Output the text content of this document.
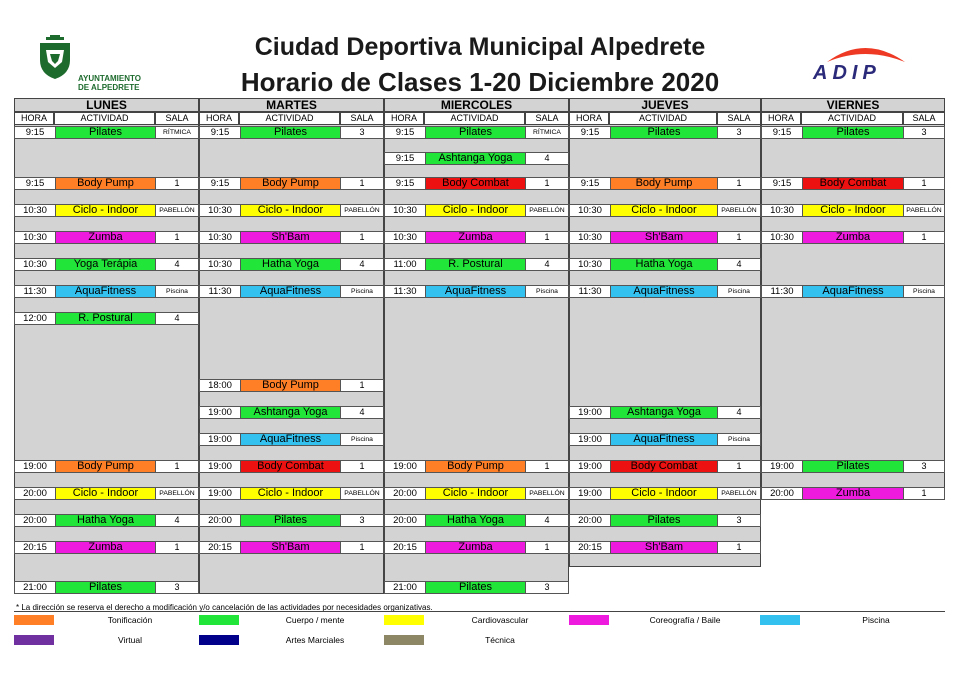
AYUNTAMIENTO
DE ALPEDRETE
Ciudad Deportiva Municipal Alpedrete
Horario de Clases 1-20 Diciembre 2020	ADIP
LUNES
HORA	ACTIVIDAD	SALA
9:15	Pilates	RÍTMICA
9:15	Body Pump	1
10:30	Ciclo - Indoor	PABELLÓN
10:30	Zumba	1
10:30	Yoga Terápia	4
11:30	AquaFitness	Piscina
12:00	R. Postural	4
19:00	Body Pump	1
20:00	Ciclo - Indoor	PABELLÓN
20:00	Hatha Yoga	4
20:15	Zumba	1
21:00	Pilates	3
MARTES
HORA	ACTIVIDAD	SALA
9:15	Pilates	3
9:15	Body Pump	1
10:30	Ciclo - Indoor	PABELLÓN
10:30	Sh'Bam	1
10:30	Hatha Yoga	4
11:30	AquaFitness	Piscina
18:00	Body Pump	1
19:00	Ashtanga Yoga	4
19:00	AquaFitness	Piscina
19:00	Body Combat	1
19:00	Ciclo - Indoor	PABELLÓN
20:00	Pilates	3
20:15	Sh'Bam	1
MIERCOLES
HORA	ACTIVIDAD	SALA
9:15	Pilates	RÍTMICA
9:15	Ashtanga Yoga	4
9:15	Body Combat	1
10:30	Ciclo - Indoor	PABELLÓN
10:30	Zumba	1
11:00	R. Postural	4
11:30	AquaFitness	Piscina
19:00	Body Pump	1
20:00	Ciclo - Indoor	PABELLÓN
20:00	Hatha Yoga	4
20:15	Zumba	1
21:00	Pilates	3
JUEVES
HORA	ACTIVIDAD	SALA
9:15	Pilates	3
9:15	Body Pump	1
10:30	Ciclo - Indoor	PABELLÓN
10:30	Sh'Bam	1
10:30	Hatha Yoga	4
11:30	AquaFitness	Piscina
19:00	Ashtanga Yoga	4
19:00	AquaFitness	Piscina
19:00	Body Combat	1
19:00	Ciclo - Indoor	PABELLÓN
20:00	Pilates	3
20:15	Sh'Bam	1
VIERNES
HORA	ACTIVIDAD	SALA
9:15	Pilates	3
9:15	Body Combat	1
10:30	Ciclo - Indoor	PABELLÓN
10:30	Zumba	1
11:30	AquaFitness	Piscina
19:00	Pilates	3
20:00	Zumba	1
* La dirección se reserva el derecho a modificación y/o cancelación de las actividades por necesidades organizativas.
Tonificación	Cuerpo / mente	Cardiovascular	Coreografía / Baile	Piscina
Virtual	Artes Marciales	Técnica
